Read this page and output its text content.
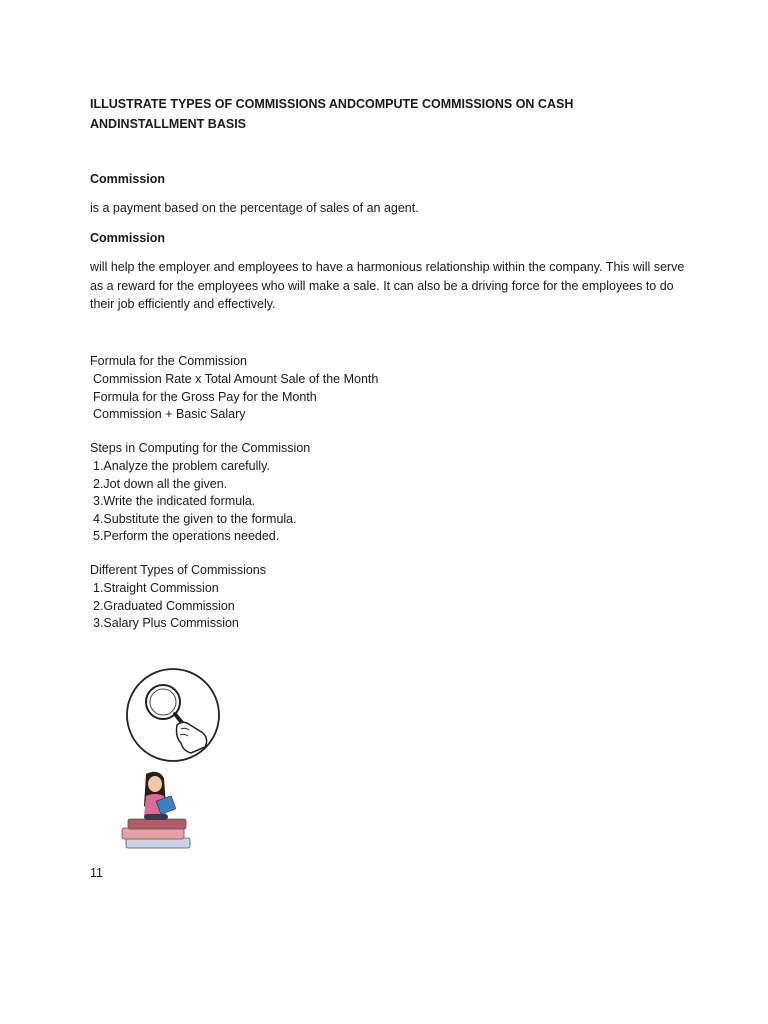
ILLUSTRATE TYPES OF COMMISSIONS ANDCOMPUTE COMMISSIONS ON CASH ANDINSTALLMENT BASIS
Commission
is a payment based on the percentage of sales of an agent.
Commission
will help the employer and employees to have a harmonious relationship within the company. This will serve as a reward for the employees who will make a sale. It can also be a driving force for the employees to do their job efficiently and effectively.
Formula for the Commission
Commission Rate x Total Amount Sale of the Month
Formula for the Gross Pay for the Month
Commission + Basic Salary
Steps in Computing for the Commission
1.Analyze the problem carefully.
2.Jot down all the given.
3.Write the indicated formula.
4.Substitute the given to the formula.
5.Perform the operations needed.
Different Types of Commissions
1.Straight Commission
2.Graduated Commission
3.Salary Plus Commission
11
